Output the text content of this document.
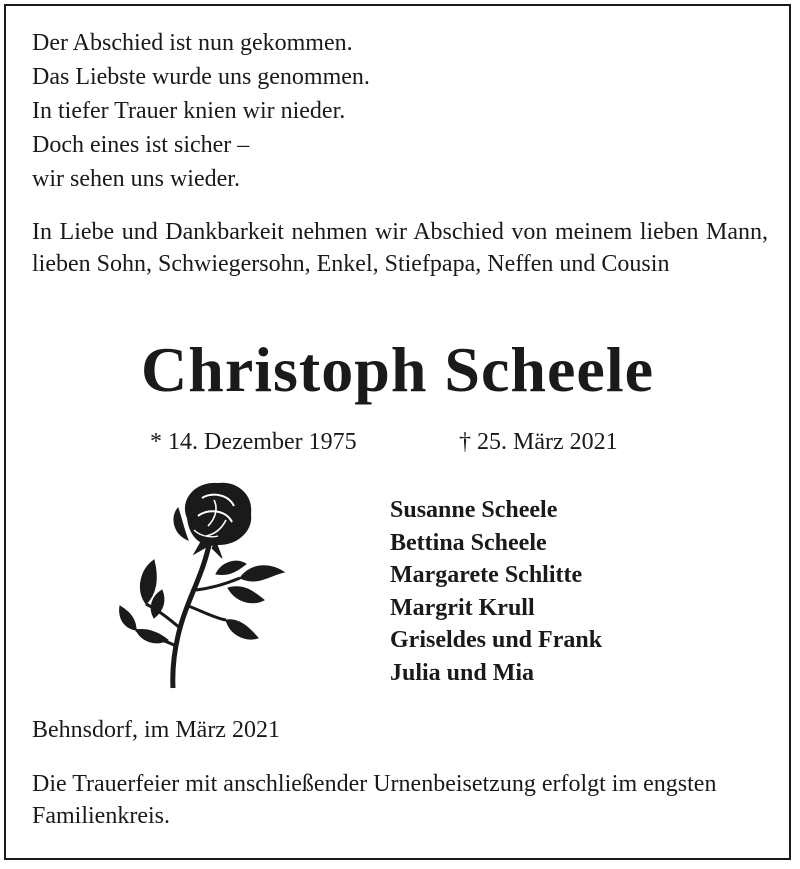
Der Abschied ist nun gekommen.
Das Liebste wurde uns genommen.
In tiefer Trauer knien wir nieder.
Doch eines ist sicher –
wir sehen uns wieder.
In Liebe und Dankbarkeit nehmen wir Abschied von meinem lieben Mann, lieben Sohn, Schwiegersohn, Enkel, Stiefpapa, Neffen und Cousin
Christoph Scheele
* 14. Dezember 1975	† 25. März 2021
Susanne Scheele
Bettina Scheele
Margarete Schlitte
Margrit Krull
Griseldes und Frank
Julia und Mia
Behnsdorf, im März 2021
Die Trauerfeier mit anschließender Urnenbeisetzung erfolgt im engsten Familienkreis.
